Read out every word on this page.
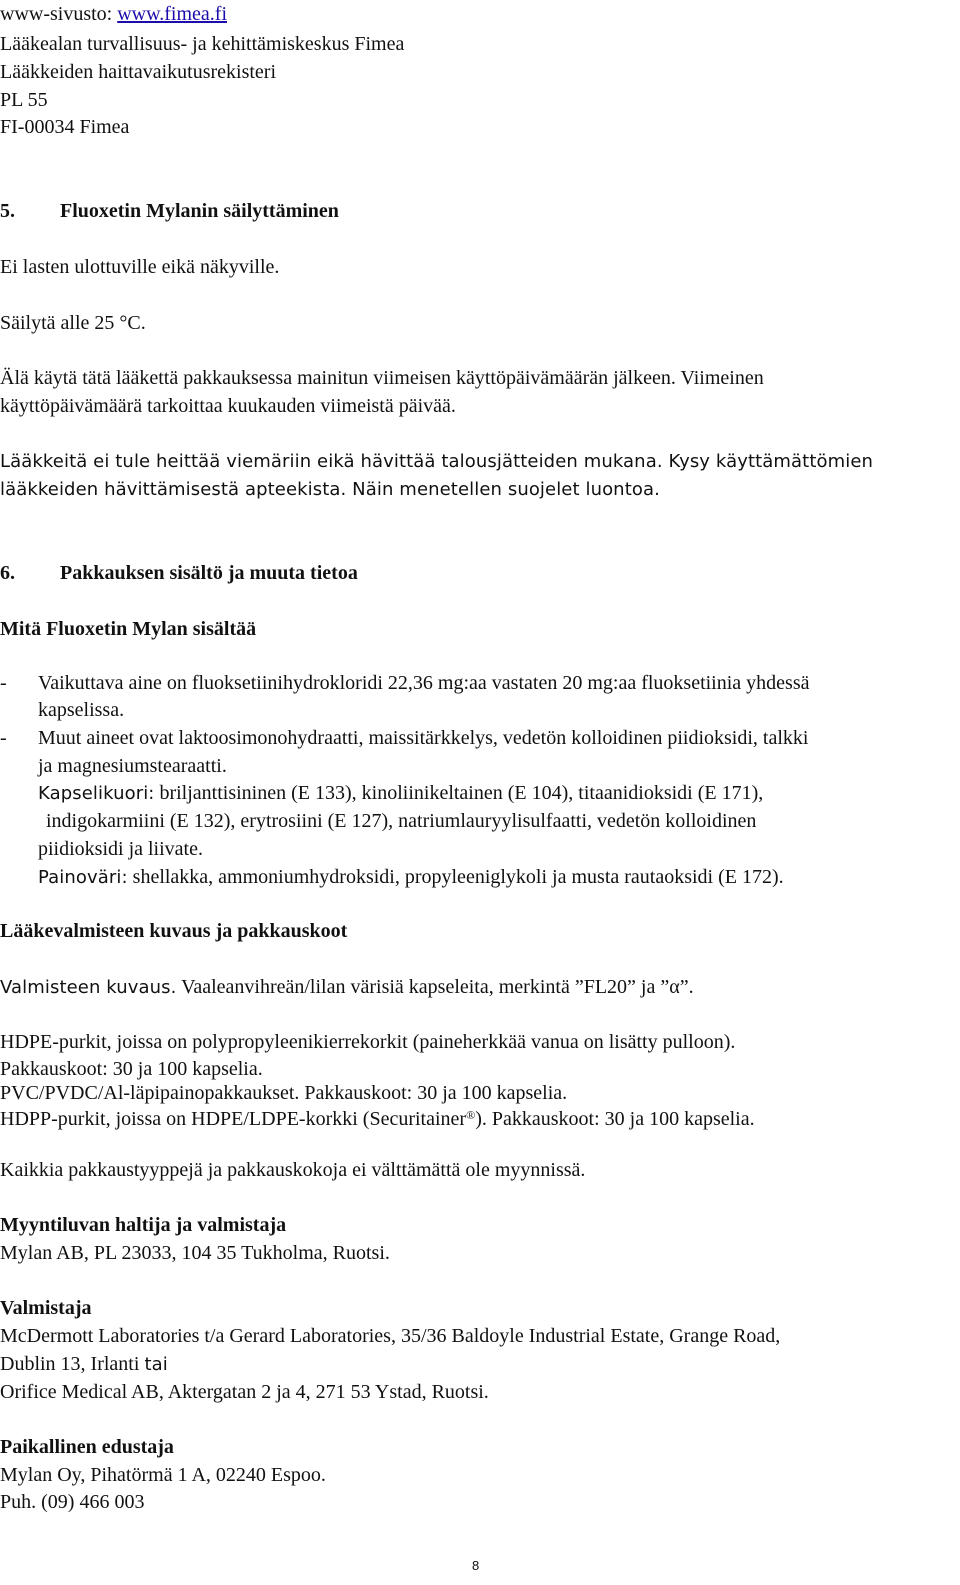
www-sivusto: www.fimea.fi
Lääkealan turvallisuus- ja kehittämiskeskus Fimea
Lääkkeiden haittavaikutusrekisteri
PL 55
FI-00034 Fimea
5. Fluoxetin Mylanin säilyttäminen
Ei lasten ulottuville eikä näkyville.
Säilytä alle 25 °C.
Älä käytä tätä lääkettä pakkauksessa mainitun viimeisen käyttöpäivämäärän jälkeen. Viimeinen
käyttöpäivämäärä tarkoittaa kuukauden viimeistä päivää.
Lääkkeitä ei tule heittää viemäriin eikä hävittää talousjätteiden mukana. Kysy käyttämättömien
lääkkeiden hävittämisestä apteekista. Näin menetellen suojelet luontoa.
6. Pakkauksen sisältö ja muuta tietoa
Mitä Fluoxetin Mylan sisältää
-	Vaikuttava aine on fluoksetiinihydrokloridi 22,36 mg:aa vastaten 20 mg:aa fluoksetiinia yhdessä
kapselissa.
-	Muut aineet ovat laktoosimonohydraatti, maissitärkkelys, vedetön kolloidinen piidioksidi, talkki
ja magnesiumstearaatti.
Kapselikuori: briljanttisininen (E 133), kinoliinikeltainen (E 104), titaanidioksidi (E 171),
indigokarmiini (E 132), erytrosiini (E 127), natriumlauryylisulfaatti, vedetön kolloidinen
piidioksidi ja liivate.
Painoväri: shellakka, ammoniumhydroksidi, propyleeniglykoli ja musta rautaoksidi (E 172).
Lääkevalmisteen kuvaus ja pakkauskoot
Valmisteen kuvaus. Vaaleanvihreän/lilan värisiä kapseleita, merkintä ”FL20” ja ”α”.
HDPE-purkit, joissa on polypropyleenikierrekorkit (paineherkkää vanua on lisätty pulloon).
Pakkauskoot: 30 ja 100 kapselia.
PVC/PVDC/Al-läpipainopakkaukset. Pakkauskoot: 30 ja 100 kapselia.
HDPP-purkit, joissa on HDPE/LDPE-korkki (Securitainer®). Pakkauskoot: 30 ja 100 kapselia.
Kaikkia pakkaustyyppejä ja pakkauskokoja ei välttämättä ole myynnissä.
Myyntiluvan haltija ja valmistaja
Mylan AB, PL 23033, 104 35 Tukholma, Ruotsi.
Valmistaja
McDermott Laboratories t/a Gerard Laboratories, 35/36 Baldoyle Industrial Estate, Grange Road,
Dublin 13, Irlanti tai
Orifice Medical AB, Aktergatan 2 ja 4, 271 53 Ystad, Ruotsi.
Paikallinen edustaja
Mylan Oy, Pihatörmä 1 A, 02240 Espoo.
Puh. (09) 466 003
8
